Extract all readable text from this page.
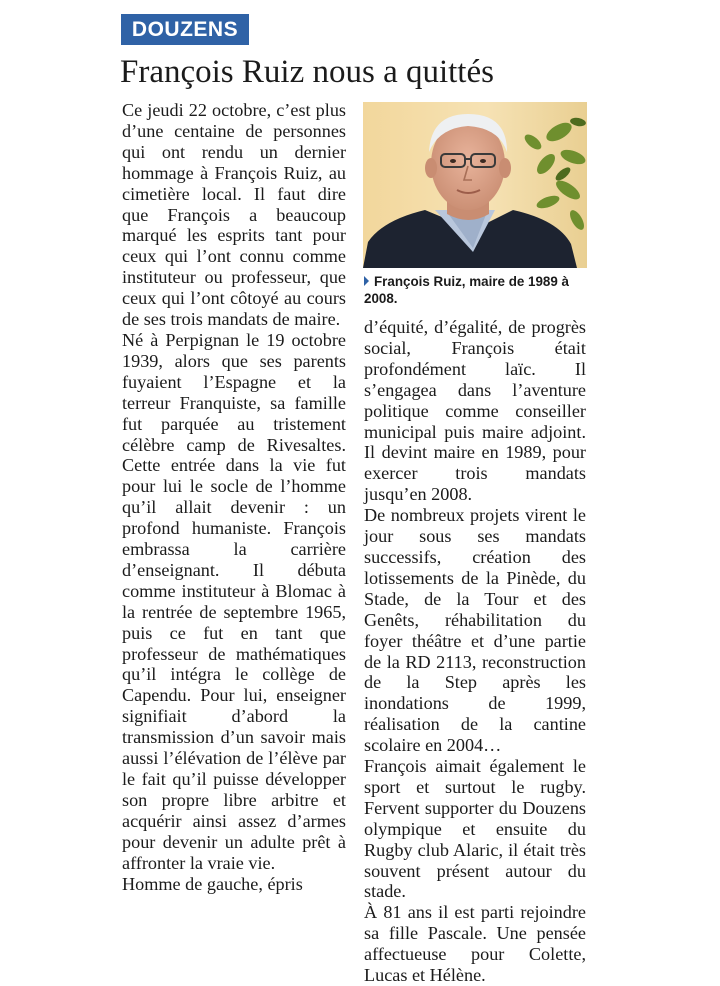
DOUZENS
François Ruiz nous a quittés

Ce jeudi 22 octobre, c’est plus d’une centaine de personnes qui ont rendu un dernier hommage à François Ruiz, au cimetière local. Il faut dire que François a beaucoup marqué les esprits tant pour ceux qui l’ont connu comme instituteur ou professeur, que ceux qui l’ont côtoyé au cours de ses trois mandats de maire.

Né à Perpignan le 19 octobre 1939, alors que ses parents fuyaient l’Espagne et la terreur Franquiste, sa famille fut parquée au tristement célèbre camp de Rivesaltes. Cette entrée dans la vie fut pour lui le socle de l’homme qu’il allait devenir : un profond humaniste. François embrassa la carrière d’enseignant. Il débuta comme instituteur à Blomac à la rentrée de septembre 1965, puis ce fut en tant que professeur de mathématiques qu’il intégra le collège de Capendu. Pour lui, enseigner signifiait d’abord la transmission d’un savoir mais aussi l’élévation de l’élève par le fait qu’il puisse développer son propre libre arbitre et acquérir ainsi assez d’armes pour devenir un adulte prêt à affronter la vraie vie.

Homme de gauche, épris

François Ruiz, maire de 1989 à 2008.

d’équité, d’égalité, de progrès social, François était profondément laïc. Il s’engagea dans l’aventure politique comme conseiller municipal puis maire adjoint. Il devint maire en 1989, pour exercer trois mandats jusqu’en 2008.

De nombreux projets virent le jour sous ses mandats successifs, création des lotissements de la Pinède, du Stade, de la Tour et des Genêts, réhabilitation du foyer théâtre et d’une partie de la RD 2113, reconstruction de la Step après les inondations de 1999, réalisation de la cantine scolaire en 2004…

François aimait également le sport et surtout le rugby. Fervent supporter du Douzens olympique et ensuite du Rugby club Alaric, il était très souvent présent autour du stade.

À 81 ans il est parti rejoindre sa fille Pascale. Une pensée affectueuse pour Colette, Lucas et Hélène.
